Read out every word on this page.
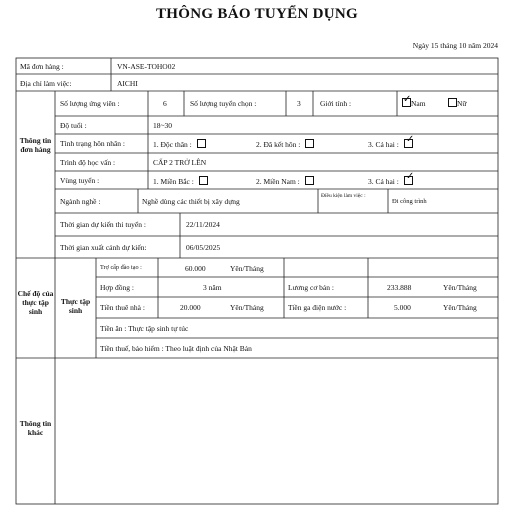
THÔNG BÁO TUYỂN DỤNG
Ngày 15 tháng 10 năm 2024
Mã đơn hàng :	VN-ASE-TOHO02
Địa chỉ làm việc:	AICHI
Thông tin đơn hàng
Chế độ của thực tập sinh
Thực tập sinh
Thông tin khác
Số lượng ứng viên :	6	Số lượng tuyển chọn :	3	Giới tính :
✓	Nam	Nữ
Độ tuổi :	18~30
Tình trạng hôn nhân :	1. Độc thân :	2. Đã kết hôn :	3. Cả hai :✓
Trình độ học vấn :	CẤP 2 TRỞ LÊN
Vùng tuyển :	1. Miền Bắc :	2. Miền Nam :	3. Cả hai :✓
Ngành nghề :	Nghề dùng các thiết bị xây dựng
Điều kiện làm việc :
Đi công trình
Thời gian dự kiến thi tuyển :	22/11/2024
Thời gian xuất cảnh dự kiến:	06/05/2025
Trợ cấp đào tạo :	60.000	Yên/Tháng
Hợp đồng :	3 năm	Lương cơ bản :	233.888	Yên/Tháng
Tiền thuê nhà :	20.000	Yên/Tháng	Tiền ga điện nước :	5.000	Yên/Tháng
Tiền ăn : Thực tập sinh tự túc
Tiền thuế, bảo hiểm : Theo luật định của Nhật Bản
